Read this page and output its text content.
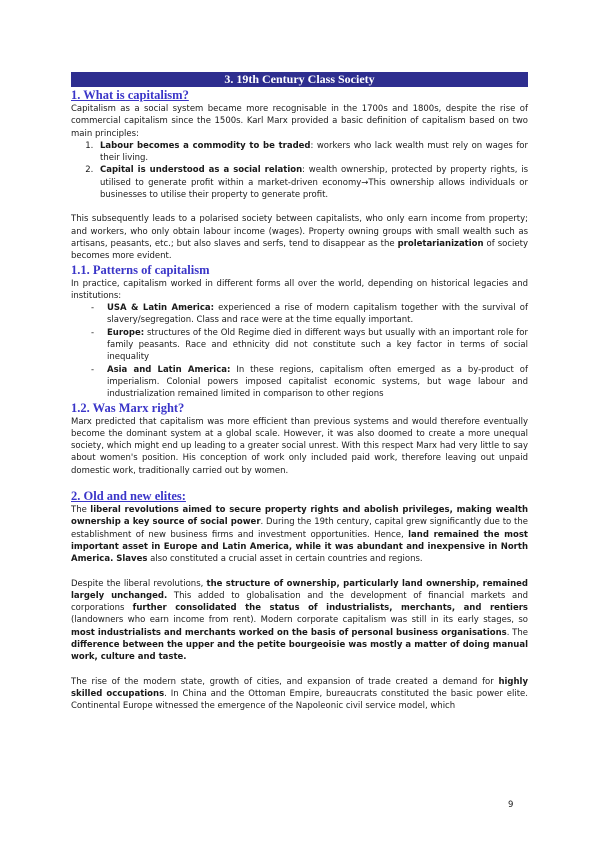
3. 19th Century Class Society
1. What is capitalism?

Capitalism as a social system became more recognisable in the 1700s and 1800s, despite the rise of commercial capitalism since the 1500s. Karl Marx provided a basic definition of capitalism based on two main principles:

1. Labour becomes a commodity to be traded: workers who lack wealth must rely on wages for their living.
2. Capital is understood as a social relation: wealth ownership, protected by property rights, is utilised to generate profit within a market-driven economy→This ownership allows individuals or businesses to utilise their property to generate profit.

This subsequently leads to a polarised society between capitalists, who only earn income from property; and workers, who only obtain labour income (wages). Property owning groups with small wealth such as artisans, peasants, etc.; but also slaves and serfs, tend to disappear as the proletarianization of society becomes more evident.

1.1. Patterns of capitalism

In practice, capitalism worked in different forms all over the world, depending on historical legacies and institutions:

- USA & Latin America: experienced a rise of modern capitalism together with the survival of slavery/segregation. Class and race were at the time equally important.
- Europe: structures of the Old Regime died in different ways but usually with an important role for family peasants. Race and ethnicity did not constitute such a key factor in terms of social inequality
- Asia and Latin America: In these regions, capitalism often emerged as a by-product of imperialism. Colonial powers imposed capitalist economic systems, but wage labour and industrialization remained limited in comparison to other regions
1.2. Was Marx right?

Marx predicted that capitalism was more efficient than previous systems and would therefore eventually become the dominant system at a global scale. However, it was also doomed to create a more unequal society, which might end up leading to a greater social unrest. With this respect Marx had very little to say about women's position. His conception of work only included paid work, therefore leaving out unpaid domestic work, traditionally carried out by women.

2. Old and new elites:

The liberal revolutions aimed to secure property rights and abolish privileges, making wealth ownership a key source of social power. During the 19th century, capital grew significantly due to the establishment of new business firms and investment opportunities. Hence, land remained the most important asset in Europe and Latin America, while it was abundant and inexpensive in North America. Slaves also constituted a crucial asset in certain countries and regions.

Despite the liberal revolutions, the structure of ownership, particularly land ownership, remained largely unchanged. This added to globalisation and the development of financial markets and corporations further consolidated the status of industrialists, merchants, and rentiers (landowners who earn income from rent). Modern corporate capitalism was still in its early stages, so most industrialists and merchants worked on the basis of personal business organisations. The difference between the upper and the petite bourgeoisie was mostly a matter of doing manual work, culture and taste.

The rise of the modern state, growth of cities, and expansion of trade created a demand for highly skilled occupations. In China and the Ottoman Empire, bureaucrats constituted the basic power elite. Continental Europe witnessed the emergence of the Napoleonic civil service model, which

9
